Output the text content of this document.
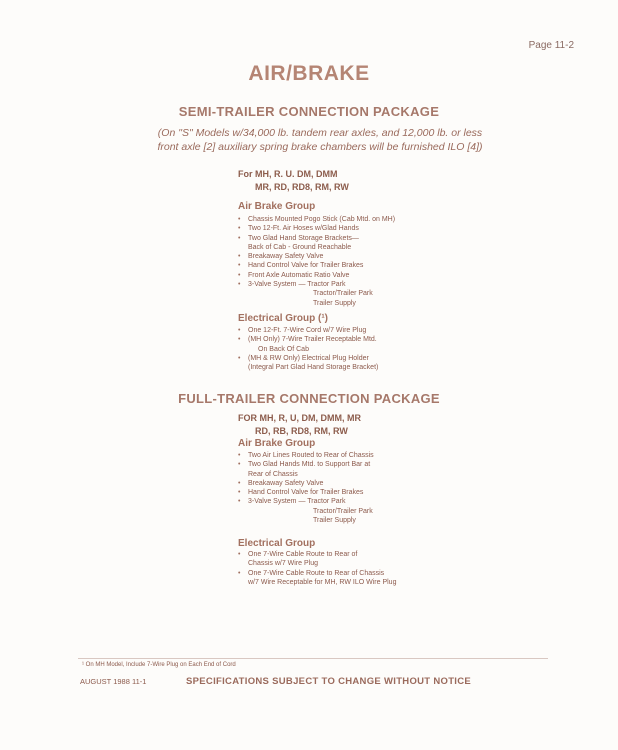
Page 11-2
AIR/BRAKE
SEMI-TRAILER CONNECTION PACKAGE
(On "S" Models w/34,000 lb. tandem rear axles, and 12,000 lb. or less
front axle [2] auxiliary spring brake chambers will be furnished ILO [4])
For MH, R. U. DM, DMM
MR, RD, RD8, RM, RW
Air Brake Group
• Chassis Mounted Pogo Stick (Cab Mtd. on MH)
• Two 12-Ft. Air Hoses w/Glad Hands
• Two Glad Hand Storage Brackets—
Back of Cab - Ground Reachable
• Breakaway Safety Valve
• Hand Control Valve for Trailer Brakes
• Front Axle Automatic Ratio Valve
• 3-Valve System — Tractor Park
Tractor/Trailer Park
Trailer Supply
Electrical Group (¹)
• One 12-Ft. 7-Wire Cord w/7 Wire Plug
• (MH Only) 7-Wire Trailer Receptable Mtd.
On Back Of Cab
• (MH & RW Only) Electrical Plug Holder
(Integral Part Glad Hand Storage Bracket)
FULL-TRAILER CONNECTION PACKAGE
FOR MH, R, U, DM, DMM, MR
RD, RB, RD8, RM, RW
Air Brake Group
• Two Air Lines Routed to Rear of Chassis
• Two Glad Hands Mtd. to Support Bar at
Rear of Chassis
• Breakaway Safety Valve
• Hand Control Valve for Trailer Brakes
• 3-Valve System — Tractor Park
Tractor/Trailer Park
Trailer Supply
Electrical Group
• One 7-Wire Cable Route to Rear of
Chassis w/7 Wire Plug
• One 7-Wire Cable Route to Rear of Chassis
w/7 Wire Receptable for MH, RW ILO Wire Plug
¹ On MH Model, Include 7-Wire Plug on Each End of Cord
AUGUST 1988 11-1	SPECIFICATIONS SUBJECT TO CHANGE WITHOUT NOTICE
